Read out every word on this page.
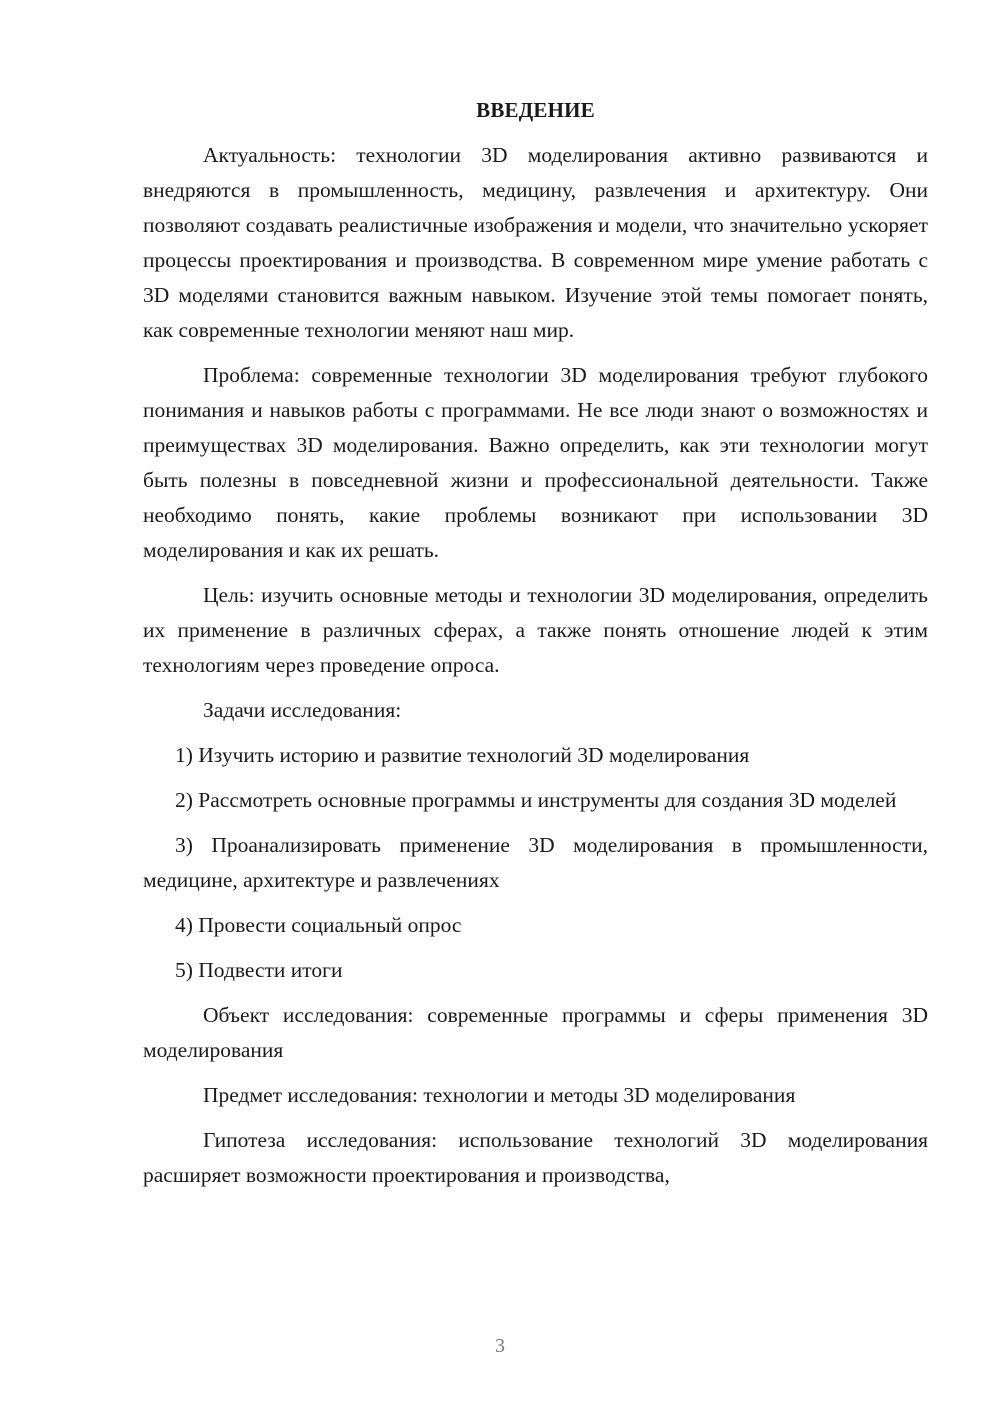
ВВЕДЕНИЕ

Актуальность: технологии 3D моделирования активно развиваются и внедряются в промышленность, медицину, развлечения и архитектуру. Они позволяют создавать реалистичные изображения и модели, что значительно ускоряет процессы проектирования и производства. В современном мире умение работать с 3D моделями становится важным навыком. Изучение этой темы помогает понять, как современные технологии меняют наш мир.

Проблема: современные технологии 3D моделирования требуют глубокого понимания и навыков работы с программами. Не все люди знают о возможностях и преимуществах 3D моделирования. Важно определить, как эти технологии могут быть полезны в повседневной жизни и профессиональной деятельности. Также необходимо понять, какие проблемы возникают при использовании 3D моделирования и как их решать.

Цель: изучить основные методы и технологии 3D моделирования, определить их применение в различных сферах, а также понять отношение людей к этим технологиям через проведение опроса.

Задачи исследования:

1) Изучить историю и развитие технологий 3D моделирования

2) Рассмотреть основные программы и инструменты для создания 3D моделей

3) Проанализировать применение 3D моделирования в промышленности, медицине, архитектуре и развлечениях

4) Провести социальный опрос

5) Подвести итоги

Объект исследования: современные программы и сферы применения 3D моделирования

Предмет исследования: технологии и методы 3D моделирования

Гипотеза исследования: использование технологий 3D моделирования расширяет возможности проектирования и производства,

3
